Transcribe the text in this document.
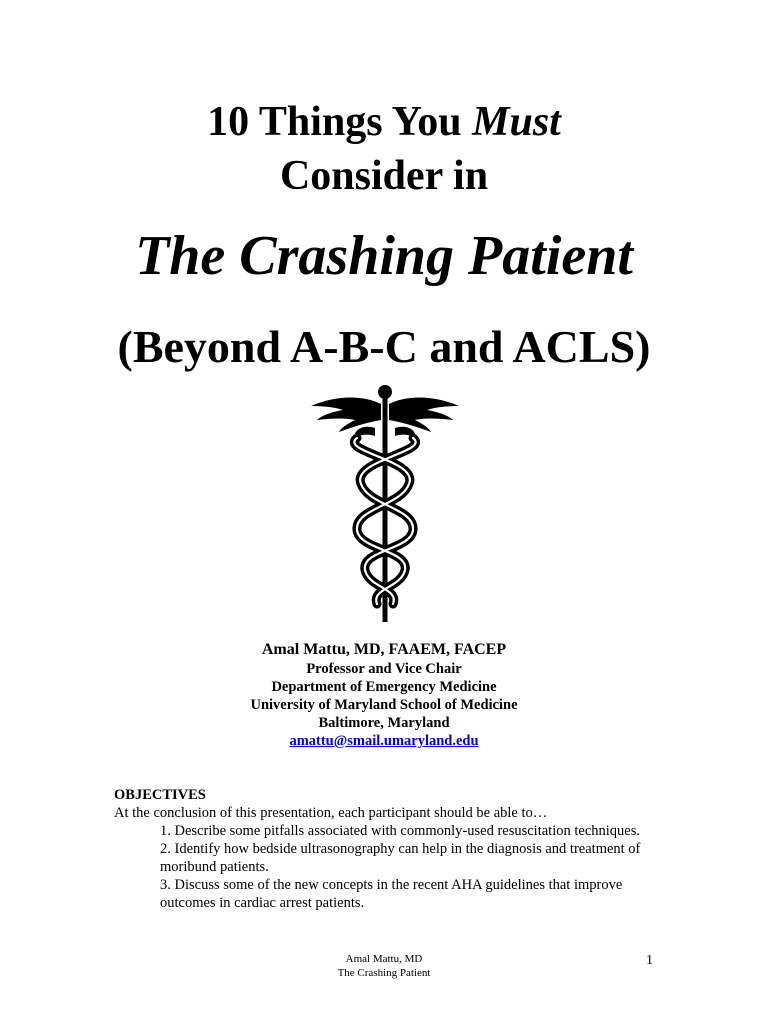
10 Things You Must
Consider in
The Crashing Patient
(Beyond A-B-C and ACLS)
Amal Mattu, MD, FAAEM, FACEP
Professor and Vice Chair
Department of Emergency Medicine
University of Maryland School of Medicine
Baltimore, Maryland
amattu@smail.umaryland.edu
OBJECTIVES
At the conclusion of this presentation, each participant should be able to…
1. Describe some pitfalls associated with commonly-used resuscitation techniques.
2. Identify how bedside ultrasonography can help in the diagnosis and treatment of moribund patients.
3. Discuss some of the new concepts in the recent AHA guidelines that improve outcomes in cardiac arrest patients.
Amal Mattu, MD
The Crashing Patient
1
